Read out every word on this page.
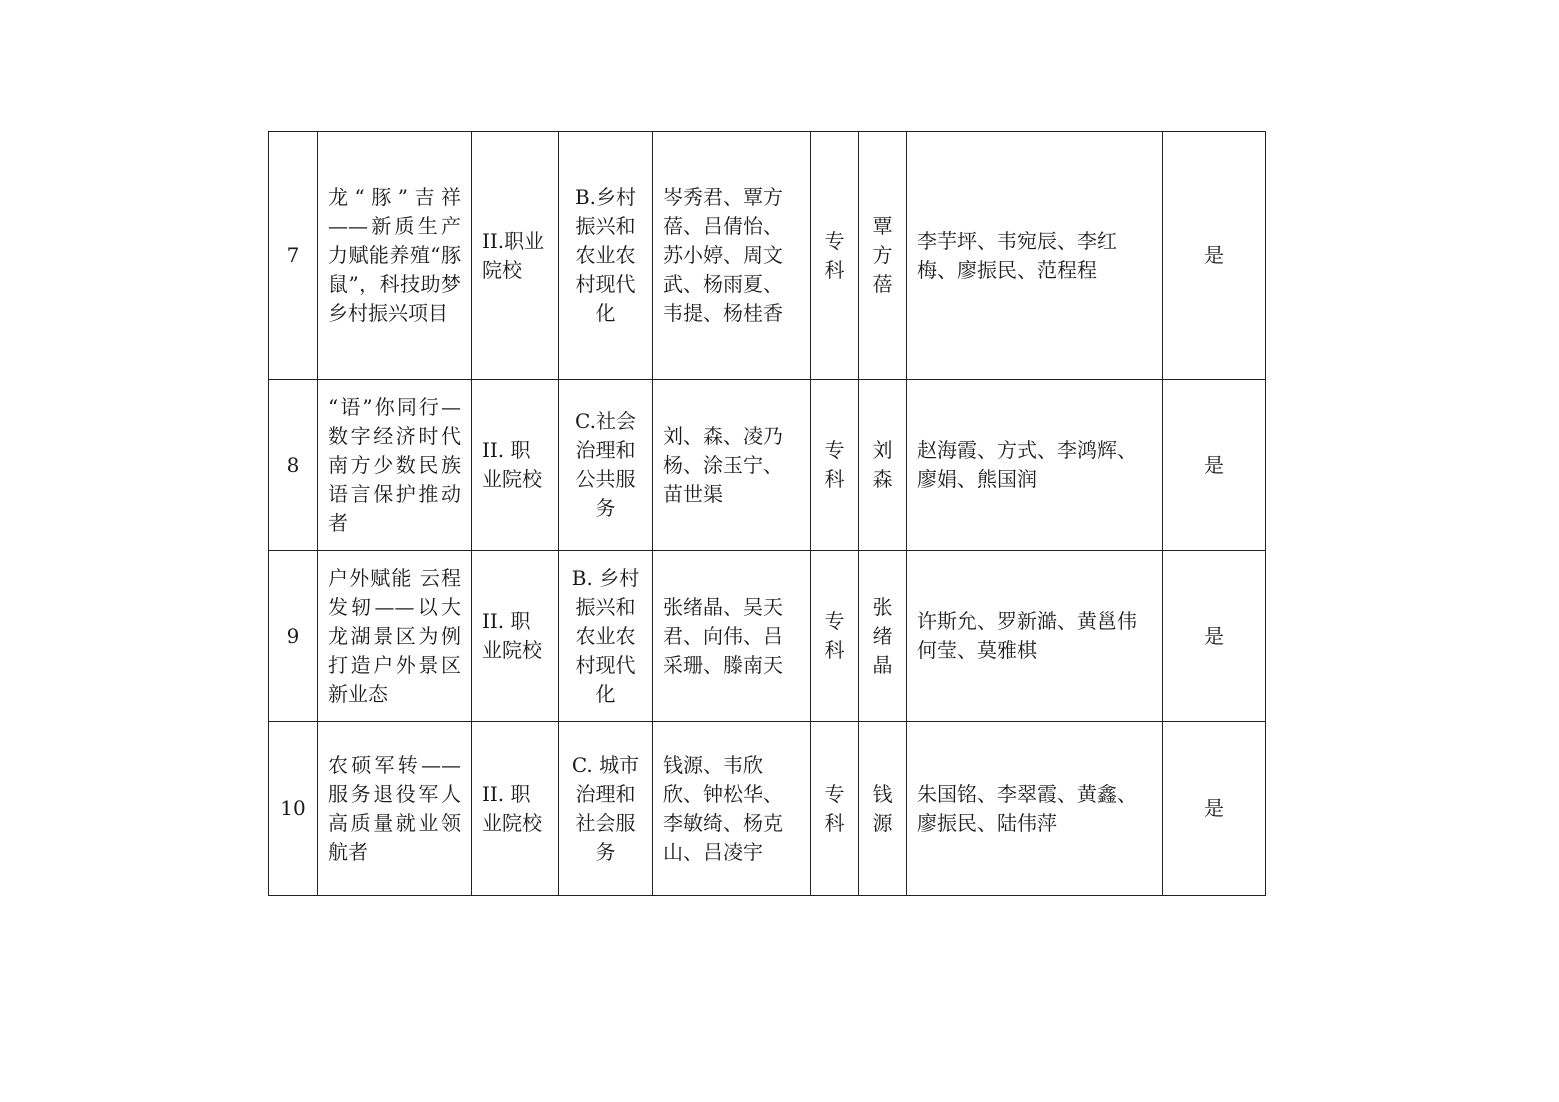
7	龙“豚”吉祥——新质生产力赋能养殖“豚鼠”，科技助梦乡村振兴项目	II.职业院校	B.乡村振兴和农业农村现代化	岑秀君、覃方蓓、吕倩怡、苏小婷、周文武、杨雨夏、韦提、杨桂香	专科	覃方蓓	李芋坪、韦宛辰、李红梅、廖振民、范程程	是
8	“语”你同行—数字经济时代南方少数民族语言保护推动者	II. 职业院校	C.社会治理和公共服务	刘、森、凌乃杨、涂玉宁、苗世渠	专科	刘森	赵海霞、方式、李鸿辉、廖娟、熊国润	是
9	户外赋能 云程发轫——以大龙湖景区为例打造户外景区新业态	II. 职业院校	B. 乡村振兴和农业农村现代化	张绪晶、吴天君、向伟、吕采珊、滕南天	专科	张绪晶	许斯允、罗新澔、黄邕伟何莹、莫雅棋	是
10	农硕军转——服务退役军人高质量就业领航者	II. 职业院校	C. 城市治理和社会服务	钱源、韦欣欣、钟松华、李敏绮、杨克山、吕凌宇	专科	钱源	朱国铭、李翠霞、黄鑫、廖振民、陆伟萍	是
